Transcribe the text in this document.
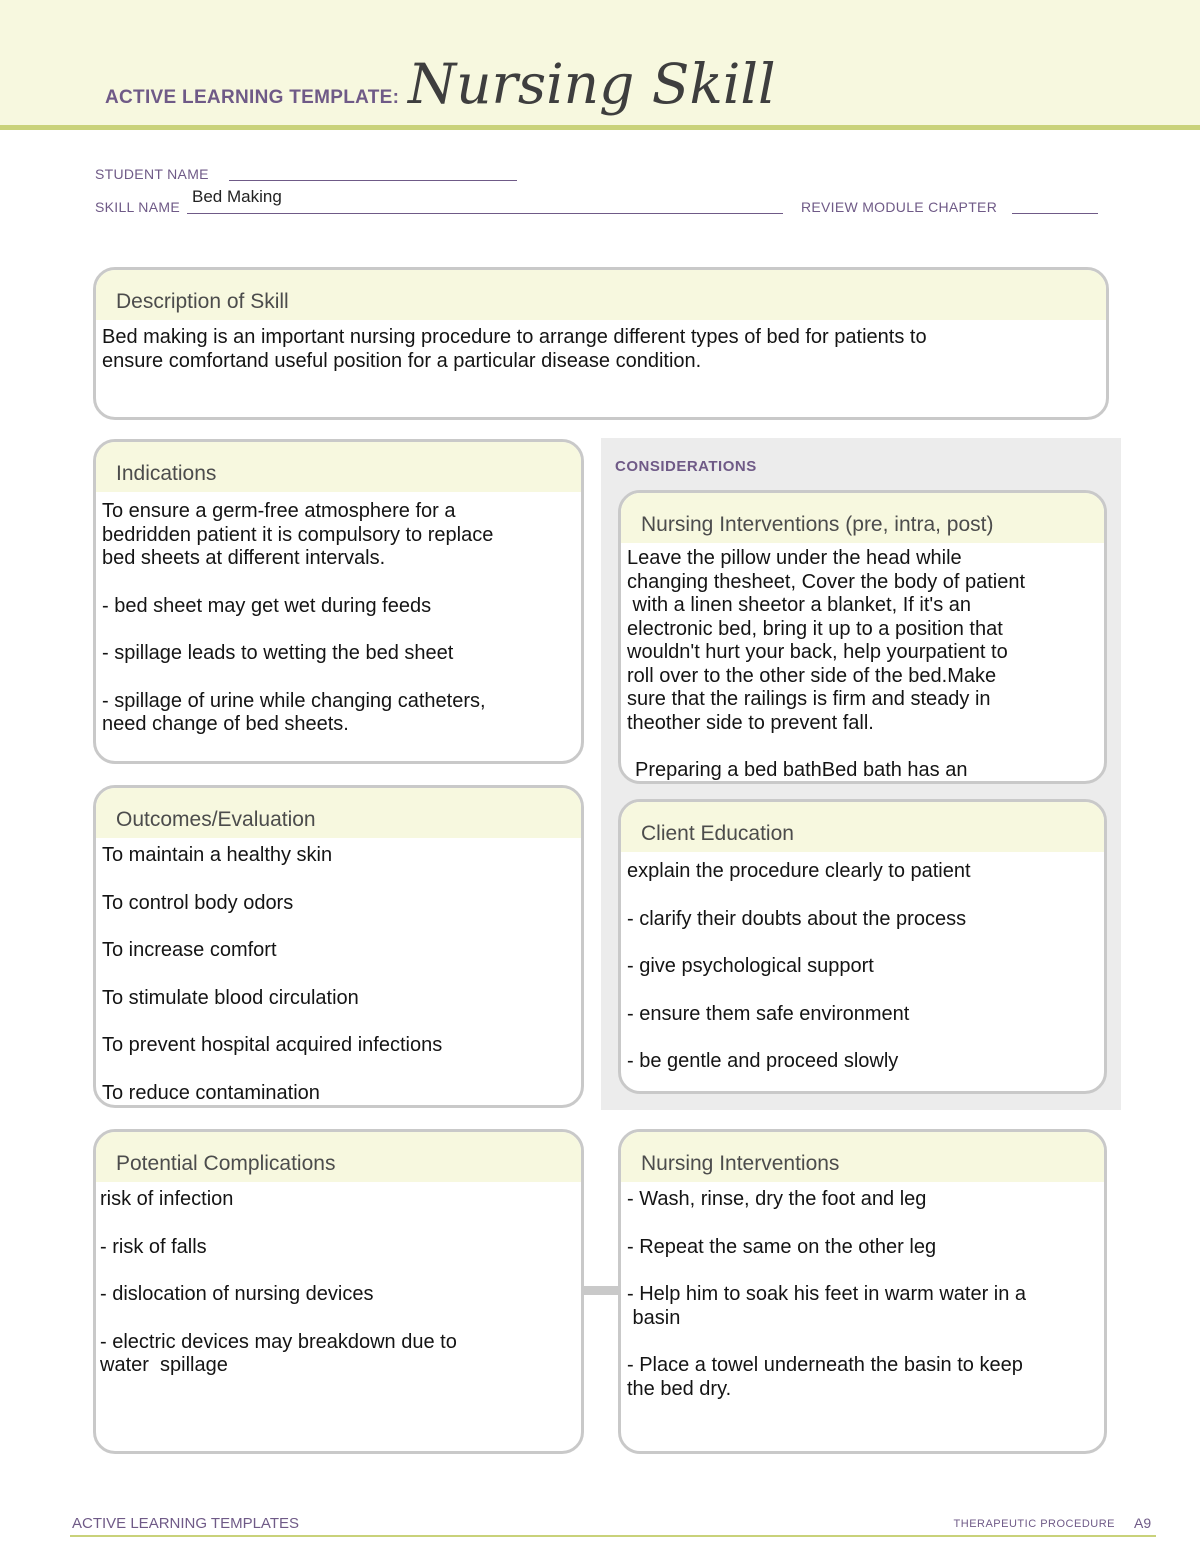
ACTIVE LEARNING TEMPLATE: Nursing Skill
STUDENT NAME
SKILL NAME
Bed Making
REVIEW MODULE CHAPTER
Description of Skill
Bed making is an important nursing procedure to arrange different types of bed for patients to
ensure comfortand useful position for a particular disease condition.
Indications

To ensure a germ-free atmosphere for a
bedridden patient it is compulsory to replace
bed sheets at different intervals.

- bed sheet may get wet during feeds

- spillage leads to wetting the bed sheet

- spillage of urine while changing catheters,
need change of bed sheets.

CONSIDERATIONS
Nursing Interventions (pre, intra, post)

Leave the pillow under the head while
changing thesheet, Cover the body of patient
with a linen sheetor a blanket, If it's an
electronic bed, bring it up to a position that
wouldn't hurt your back, help yourpatient to
roll over to the other side of the bed.Make
sure that the railings is firm and steady in
theother side to prevent fall.

Preparing a bed bathBed bath has an

Outcomes/Evaluation

To maintain a healthy skin

To control body odors

To increase comfort

To stimulate blood circulation

To prevent hospital acquired infections

To reduce contamination

Client Education

explain the procedure clearly to patient

- clarify their doubts about the process

- give psychological support

- ensure them safe environment

- be gentle and proceed slowly

Potential Complications

risk of infection

- risk of falls

- dislocation of nursing devices

- electric devices may breakdown due to
water  spillage

Nursing Interventions

- Wash, rinse, dry the foot and leg

- Repeat the same on the other leg

- Help him to soak his feet in warm water in a
basin

- Place a towel underneath the basin to keep
the bed dry.

ACTIVE LEARNING TEMPLATES	THERAPEUTIC PROCEDURE A9
